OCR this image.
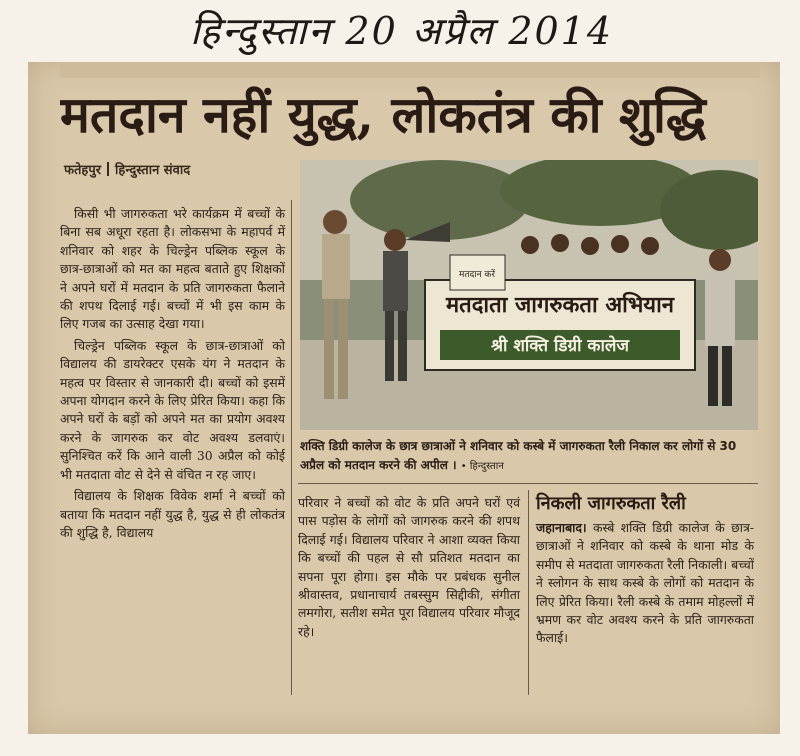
हिन्दुस्तान 20 अप्रैल 2014
मतदान नहीं युद्ध, लोकतंत्र की शुद्धि
फतेहपुर हिन्दुस्तान संवाद

किसी भी जागरुकता भरे कार्यक्रम में बच्चों के बिना सब अधूरा रहता है। लोकसभा के महापर्व में शनिवार को शहर के चिल्ड्रेन पब्लिक स्कूल के छात्र-छात्राओं को मत का महत्व बताते हुए शिक्षकों ने अपने घरों में मतदान के प्रति जागरुकता फैलाने की शपथ दिलाई गई। बच्चों में भी इस काम के लिए गजब का उत्साह देखा गया।

चिल्ड्रेन पब्लिक स्कूल के छात्र-छात्राओं को विद्यालय की डायरेक्टर एसके यंग ने मतदान के महत्व पर विस्तार से जानकारी दी। बच्चों को इसमें अपना योगदान करने के लिए प्रेरित किया। कहा कि अपने घरों के बड़ों को अपने मत का प्रयोग अवश्य करने के जागरुक कर वोट अवश्य डलवाएं। सुनिश्चित करें कि आने वाली 30 अप्रैल को कोई भी मतदाता वोट से देने से वंचित न रह जाए।

विद्यालय के शिक्षक विवेक शर्मा ने बच्चों को बताया कि मतदान नहीं युद्ध है, युद्ध से ही लोकतंत्र की शुद्धि है, विद्यालय

मतदाता जागरुकता अभियान
श्री शक्ति डिग्री कालेज
मतदान करें
शक्ति डिग्री कालेज के छात्र छात्राओं ने शनिवार को कस्बे में जागरुकता रैली निकाल कर लोगों से 30 अप्रैल को मतदान करने की अपील । • हिन्दुस्तान

परिवार ने बच्चों को वोट के प्रति अपने घरों एवं पास पड़ोस के लोगों को जागरुक करने की शपथ दिलाई गई। विद्यालय परिवार ने आशा व्यक्त किया कि बच्चों की पहल से सौ प्रतिशत मतदान का सपना पूरा होगा। इस मौके पर प्रबंधक सुनील श्रीवास्तव, प्रधानाचार्य तबस्सुम सिद्दीकी, संगीता लमगोरा, सतीश समेत पूरा विद्यालय परिवार मौजूद रहे।

निकली जागरुकता रैली

जहानाबाद। कस्बे शक्ति डिग्री कालेज के छात्र-छात्राओं ने शनिवार को कस्बे के थाना मोड के समीप से मतदाता जागरुकता रैली निकाली। बच्चों ने स्लोगन के साथ कस्बे के लोगों को मतदान के लिए प्रेरित किया। रैली कस्बे के तमाम मोहल्लों में भ्रमण कर वोट अवश्य करने के प्रति जागरुकता फैलाई।
